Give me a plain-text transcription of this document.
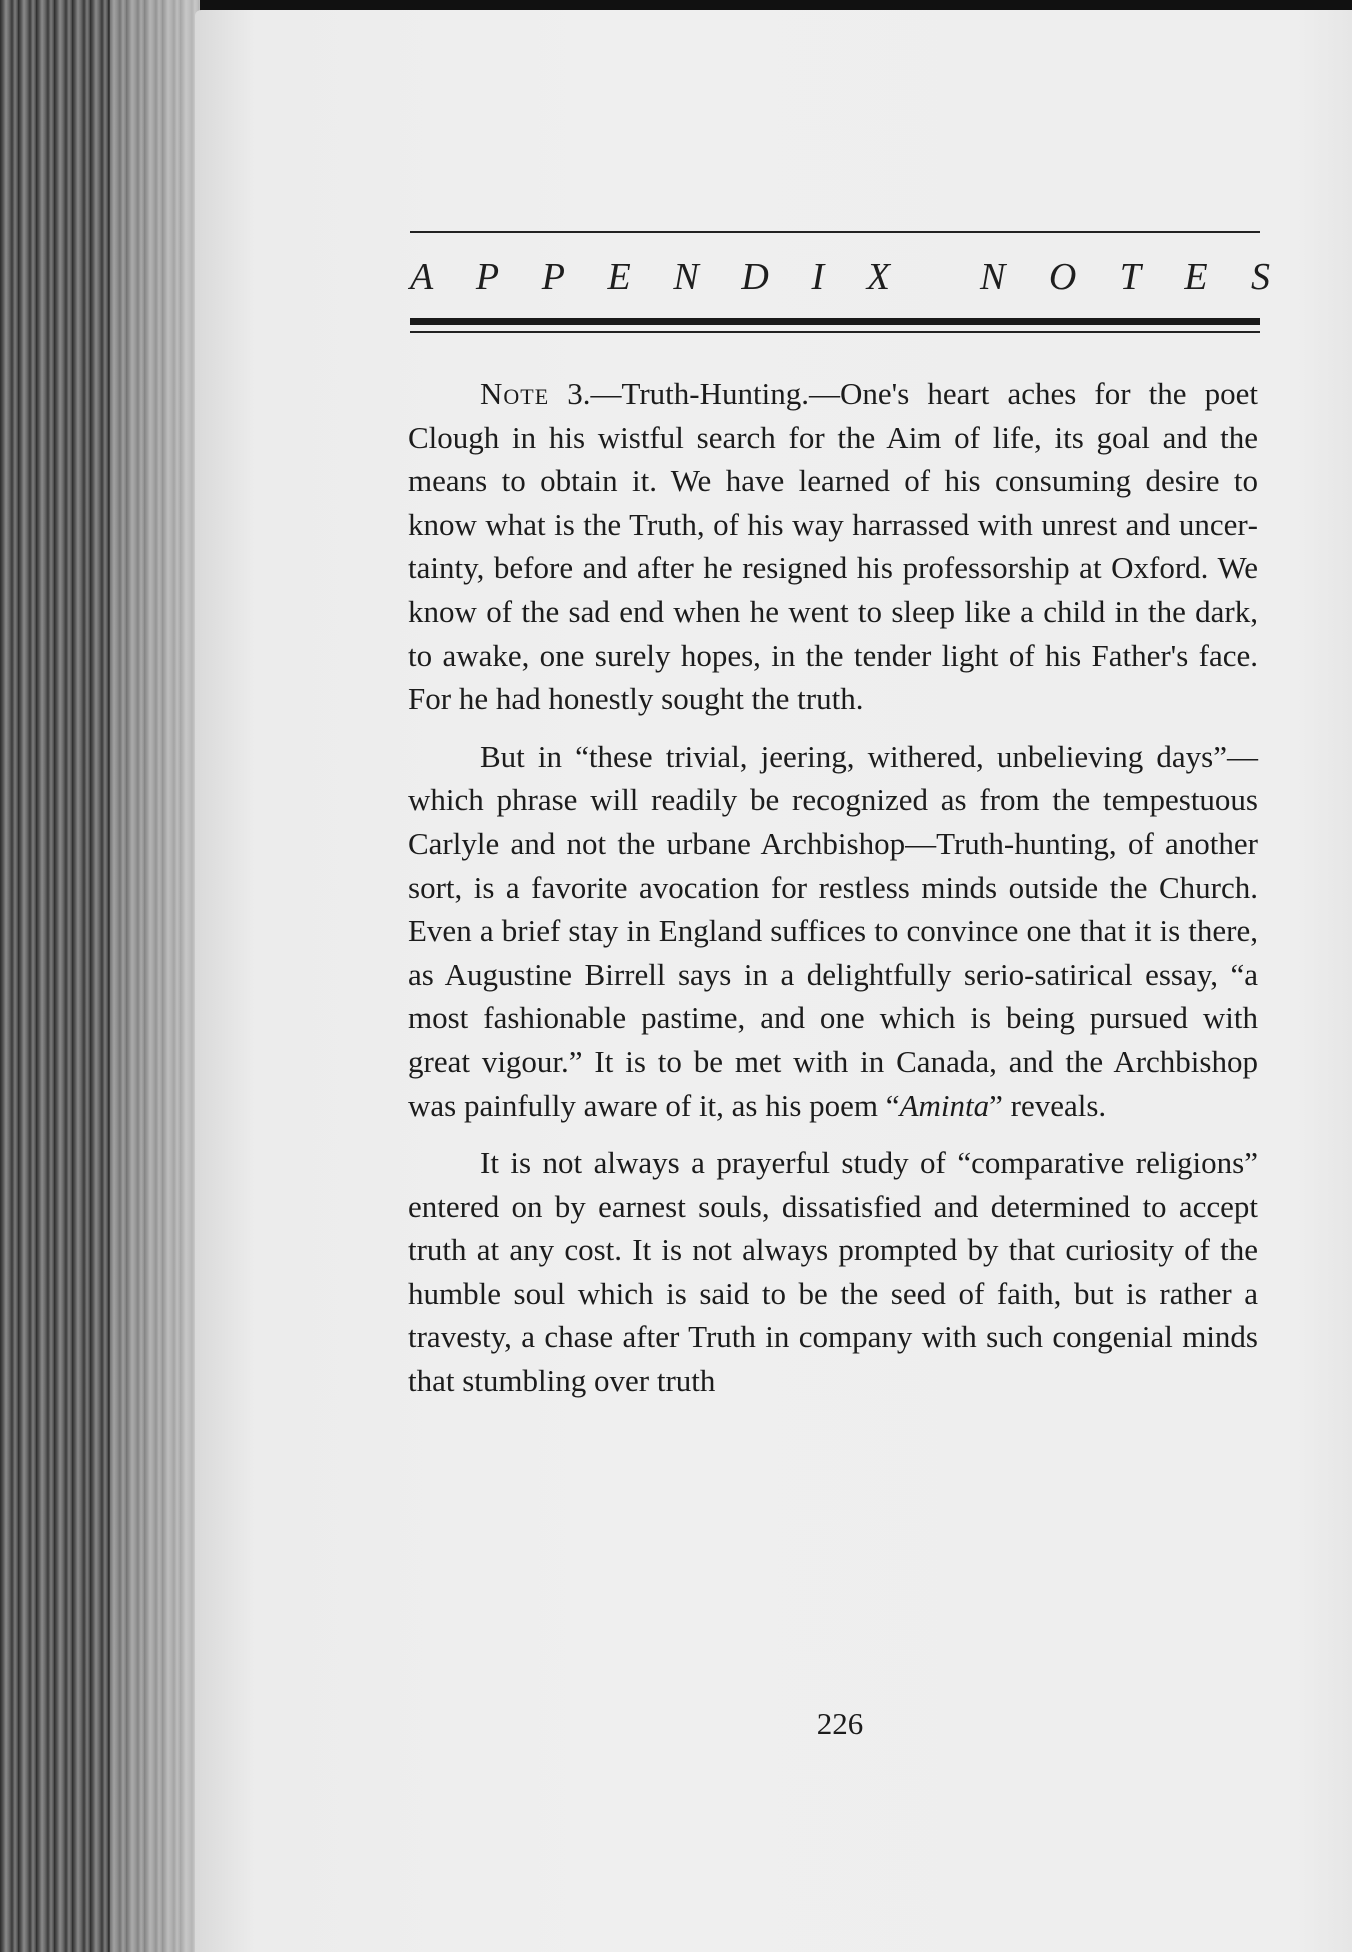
A P P E N D I X N O T E S

Note 3.—Truth-Hunting.—One's heart aches for the poet Clough in his wistful search for the Aim of life, its goal and the means to obtain it. We have learned of his consuming desire to know what is the Truth, of his way harrassed with unrest and uncertainty, before and after he resigned his professorship at Oxford. We know of the sad end when he went to sleep like a child in the dark, to awake, one surely hopes, in the tender light of his Father's face. For he had honestly sought the truth.

But in “these trivial, jeering, withered, unbelieving days”—which phrase will readily be recognized as from the tempestuous Carlyle and not the urbane Archbishop—Truth-hunting, of another sort, is a favorite avocation for restless minds outside the Church. Even a brief stay in England suffices to convince one that it is there, as Augustine Birrell says in a delightfully serio-satirical essay, “a most fashionable pastime, and one which is being pursued with great vigour.” It is to be met with in Canada, and the Archbishop was painfully aware of it, as his poem “Aminta” reveals.

It is not always a prayerful study of “comparative religions” entered on by earnest souls, dissatisfied and determined to accept truth at any cost. It is not always prompted by that curiosity of the humble soul which is said to be the seed of faith, but is rather a travesty, a chase after Truth in company with such congenial minds that stumbling over truth

226
